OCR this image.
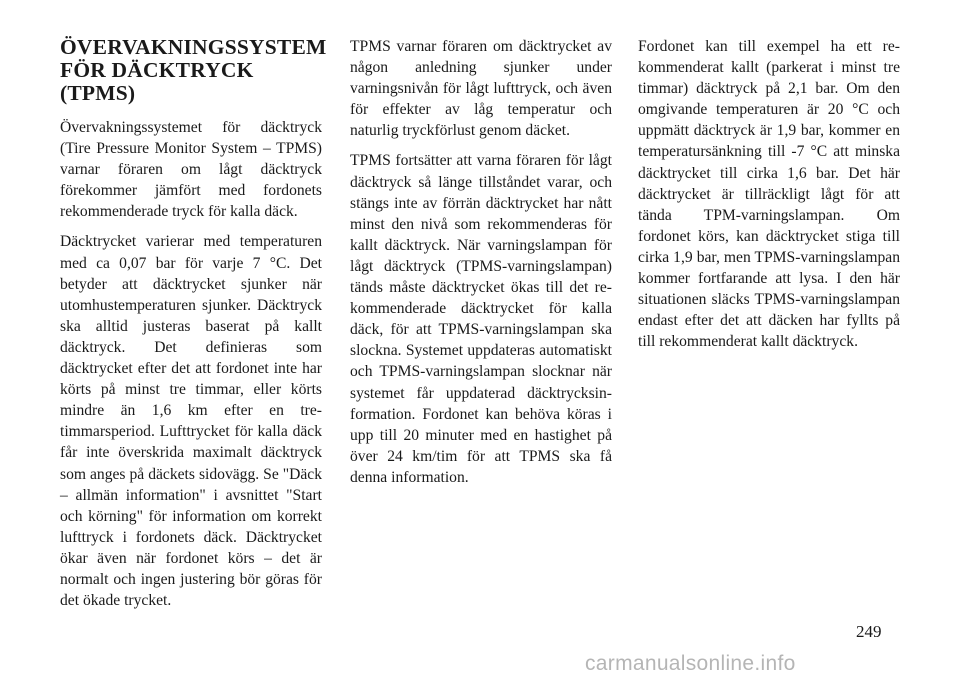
ÖVERVAKNINGSSYSTEM
FÖR DÄCKTRYCK
(TPMS)

Övervakningssystemet för däcktryck (Tire Pressure Monitor System – TPMS) varnar föraren om lågt däcktryck förekommer jämfört med fordonets rekommenderade tryck för kalla däck.

Däcktrycket varierar med temperaturen med ca 0,07 bar för varje 7 °C. Det betyder att däcktrycket sjunker när utomhustemperaturen sjunker. Däcktryck ska alltid justeras baserat på kallt däcktryck. Det definieras som däcktrycket efter det att fordonet inte har körts på minst tre timmar, eller körts mindre än 1,6 km efter en tretimmarsperiod. Lufttrycket för kalla däck får inte överskrida maximalt däcktryck som anges på däckets sidovägg. Se "Däck – allmän information" i avsnittet "Start och körning" för information om korrekt lufttryck i fordonets däck. Däcktrycket ökar även när fordonet körs – det är normalt och ingen justering bör göras för det ökade trycket.

TPMS varnar föraren om däcktrycket av någon anledning sjunker under varningsnivån för lågt lufttryck, och även för effekter av låg temperatur och naturlig tryckförlust genom däcket.

TPMS fortsätter att varna föraren för lågt däcktryck så länge tillståndet varar, och stängs inte av förrän däcktrycket har nått minst den nivå som rekommenderas för kallt däcktryck. När varningslampan för lågt däcktryck (TPMS-varningslampan) tänds måste däcktrycket ökas till det rekommenderade däcktrycket för kalla däck, för att TPMS-varningslampan ska slockna. Systemet uppdateras automatiskt och TPMS-varningslampan slocknar när systemet får uppdaterad däcktrycksinformation. Fordonet kan behöva köras i upp till 20 minuter med en hastighet på över 24 km/tim för att TPMS ska få denna information.

Fordonet kan till exempel ha ett rekommenderat kallt (parkerat i minst tre timmar) däcktryck på 2,1 bar. Om den omgivande temperaturen är 20 °C och uppmätt däcktryck är 1,9 bar, kommer en temperatursänkning till -7 °C att minska däcktrycket till cirka 1,6 bar. Det här däcktrycket är tillräckligt lågt för att tända TPM-varningslampan. Om fordonet körs, kan däcktrycket stiga till cirka 1,9 bar, men TPMS-varningslampan kommer fortfarande att lysa. I den här situationen släcks TPMS-varningslampan endast efter det att däcken har fyllts på till rekommenderat kallt däcktryck.

249
carmanualsonline.info
